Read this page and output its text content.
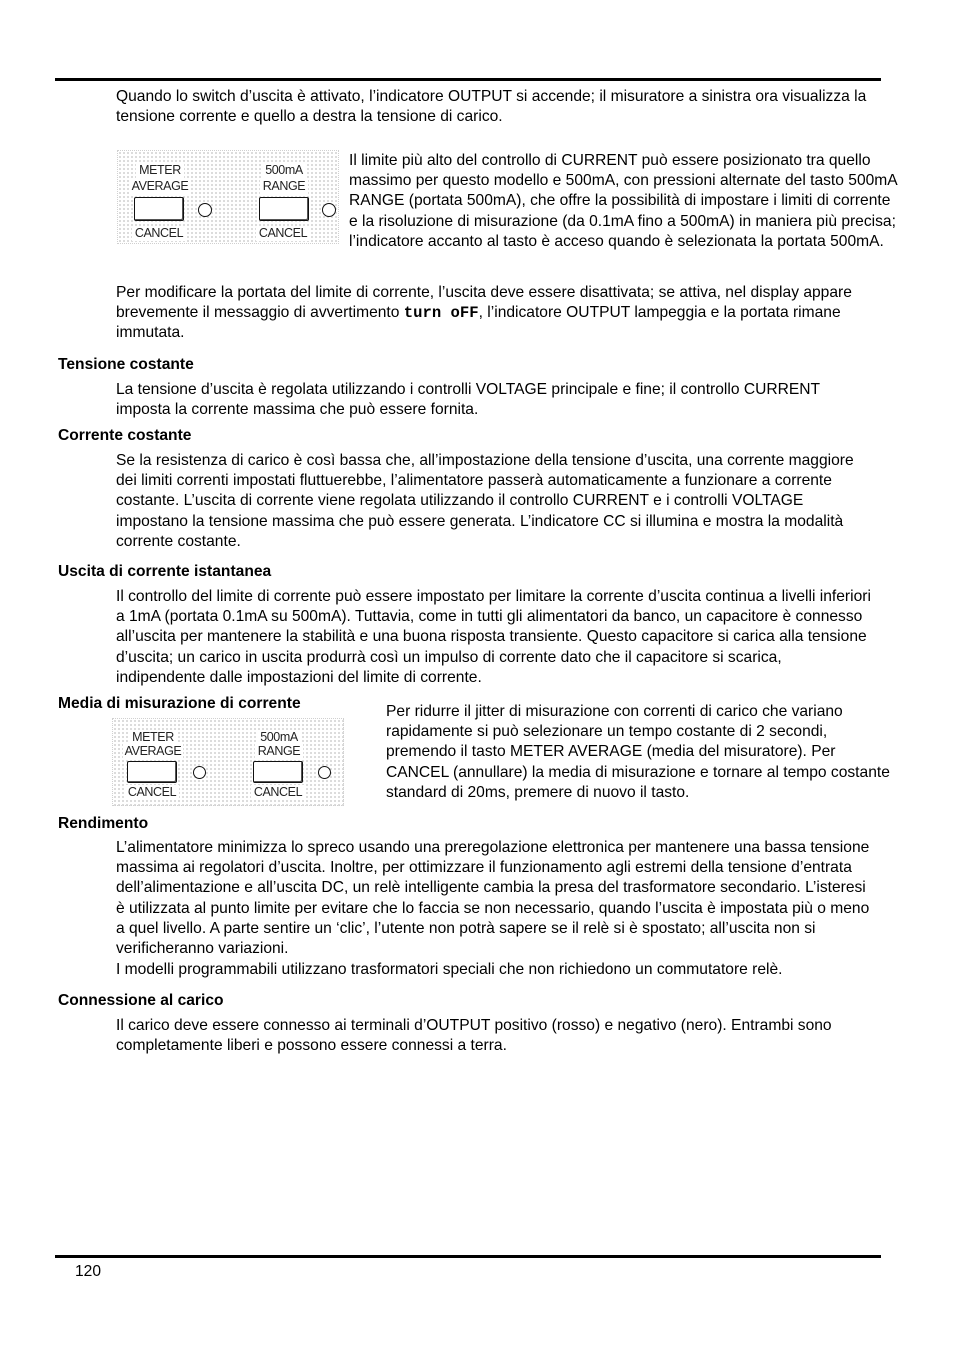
Quando lo switch d’uscita è attivato, l’indicatore OUTPUT si accende; il misuratore a sinistra ora visualizza la tensione corrente e quello a destra la tensione di carico.

METER
AVERAGE
CANCEL
500mA
RANGE
CANCEL

Il limite più alto del controllo di CURRENT può essere posizionato tra quello massimo per questo modello e 500mA, con pressioni alternate del tasto 500mA RANGE (portata 500mA), che offre la possibilità di impostare i limiti di corrente e la risoluzione di misurazione (da 0.1mA fino a 500mA) in maniera più precisa; l’indicatore accanto al tasto è acceso quando è selezionata la portata 500mA.

Per modificare la portata del limite di corrente, l’uscita deve essere disattivata; se attiva, nel display appare brevemente il messaggio di avvertimento turn oFF, l’indicatore OUTPUT lampeggia e la portata rimane immutata.

Tensione costante

La tensione d’uscita è regolata utilizzando i controlli VOLTAGE principale e fine; il controllo CURRENT imposta la corrente massima che può essere fornita.

Corrente costante

Se la resistenza di carico è così bassa che, all’impostazione della tensione d’uscita, una corrente maggiore dei limiti correnti impostati fluttuerebbe, l’alimentatore passerà automaticamente a funzionare a corrente costante. L’uscita di corrente viene regolata utilizzando il controllo CURRENT e i controlli VOLTAGE impostano la tensione massima che può essere generata. L’indicatore CC si illumina e mostra la modalità corrente costante.

Uscita di corrente istantanea

Il controllo del limite di corrente può essere impostato per limitare la corrente d’uscita continua a livelli inferiori a 1mA (portata 0.1mA su 500mA). Tuttavia, come in tutti gli alimentatori da banco, un capacitore è connesso all’uscita per mantenere la stabilità e una buona risposta transiente. Questo capacitore si carica alla tensione d’uscita; un carico in uscita produrrà così un impulso di corrente dato che il capacitore si scarica, indipendente dalle impostazioni del limite di corrente.

Media di misurazione di corrente

METER
AVERAGE
CANCEL
500mA
RANGE
CANCEL

Per ridurre il jitter di misurazione con correnti di carico che variano rapidamente si può selezionare un tempo costante di 2 secondi, premendo il tasto METER AVERAGE (media del misuratore). Per CANCEL (annullare) la media di misurazione e tornare al tempo costante standard di 20ms, premere di nuovo il tasto.

Rendimento

L’alimentatore minimizza lo spreco usando una preregolazione elettronica per mantenere una bassa tensione massima ai regolatori d’uscita. Inoltre, per ottimizzare il funzionamento agli estremi della tensione d’entrata dell’alimentazione e all’uscita DC, un relè intelligente cambia la presa del trasformatore secondario. L’isteresi è utilizzata al punto limite per evitare che lo faccia se non necessario, quando l’uscita è impostata più o meno a quel livello. A parte sentire un ‘clic’, l’utente non potrà sapere se il relè si è spostato; all’uscita non si verificheranno variazioni.

I modelli programmabili utilizzano trasformatori speciali che non richiedono un commutatore relè.

Connessione al carico

Il carico deve essere connesso ai terminali d’OUTPUT positivo (rosso) e negativo (nero). Entrambi sono completamente liberi e possono essere connessi a terra.

120
